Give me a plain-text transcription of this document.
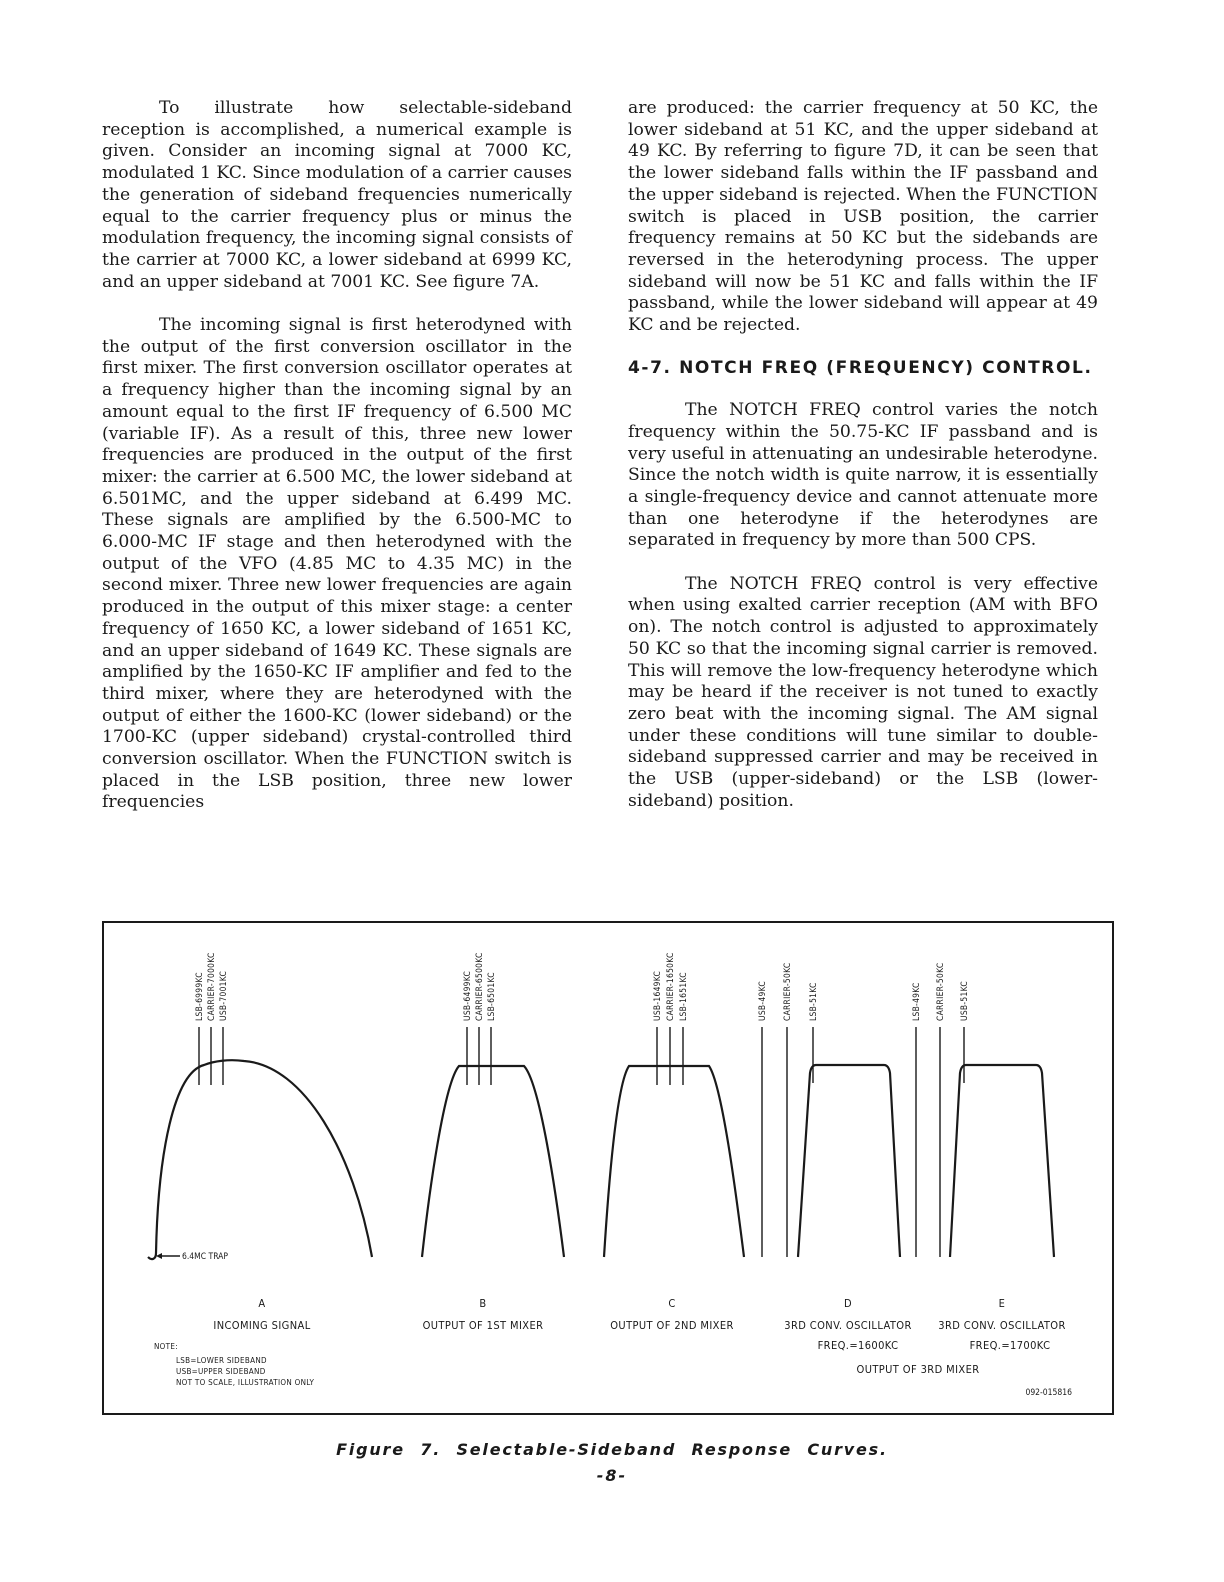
To illustrate how selectable-sideband reception is accomplished, a numerical example is given. Consider an incoming signal at 7000 KC, modulated 1 KC. Since modulation of a carrier causes the generation of sideband frequencies numerically equal to the carrier frequency plus or minus the modulation frequency, the incoming signal consists of the carrier at 7000 KC, a lower sideband at 6999 KC, and an upper sideband at 7001 KC. See figure 7A.

The incoming signal is first heterodyned with the output of the first conversion oscillator in the first mixer. The first conversion oscillator operates at a frequency higher than the incoming signal by an amount equal to the first IF frequency of 6.500 MC (variable IF). As a result of this, three new lower frequencies are produced in the output of the first mixer: the carrier at 6.500 MC, the lower sideband at 6.501MC, and the upper sideband at 6.499 MC. These signals are amplified by the 6.500-MC to 6.000-MC IF stage and then heterodyned with the output of the VFO (4.85 MC to 4.35 MC) in the second mixer. Three new lower frequencies are again produced in the output of this mixer stage: a center frequency of 1650 KC, a lower sideband of 1651 KC, and an upper sideband of 1649 KC. These signals are amplified by the 1650-KC IF amplifier and fed to the third mixer, where they are heterodyned with the output of either the 1600-KC (lower sideband) or the 1700-KC (upper sideband) crystal-controlled third conversion oscillator. When the FUNCTION switch is placed in the LSB position, three new lower frequencies

are produced: the carrier frequency at 50 KC, the lower sideband at 51 KC, and the upper sideband at 49 KC. By referring to figure 7D, it can be seen that the lower sideband falls within the IF passband and the upper sideband is rejected. When the FUNCTION switch is placed in USB position, the carrier frequency remains at 50 KC but the sidebands are reversed in the heterodyning process. The upper sideband will now be 51 KC and falls within the IF passband, while the lower sideband will appear at 49 KC and be rejected.

4-7. NOTCH FREQ (FREQUENCY) CONTROL.

The NOTCH FREQ control varies the notch frequency within the 50.75-KC IF passband and is very useful in attenuating an undesirable heterodyne. Since the notch width is quite narrow, it is essentially a single-frequency device and cannot attenuate more than one heterodyne if the heterodynes are separated in frequency by more than 500 CPS.

The NOTCH FREQ control is very effective when using exalted carrier reception (AM with BFO on). The notch control is adjusted to approximately 50 KC so that the incoming signal carrier is removed. This will remove the low-frequency heterodyne which may be heard if the receiver is not tuned to exactly zero beat with the incoming signal. The AM signal under these conditions will tune similar to double-sideband suppressed carrier and may be received in the USB (upper-sideband) or the LSB (lower-sideband) position.

LSB-6999KC CARRIER-7000KC USB-7001KC	USB-6499KC CARRIER-6500KC LSB-6501KC	USB-1649KC CARRIER-1650KC LSB-1651KC	USB-49KC CARRIER-50KC LSB-51KC	LSB-49KC CARRIER-50KC USB-51KC
6.4MC TRAP
A
INCOMING SIGNAL
B
OUTPUT OF 1ST MIXER
C
OUTPUT OF 2ND MIXER
D
3RD CONV. OSCILLATOR
FREQ.=1600KC
E
3RD CONV. OSCILLATOR
FREQ.=1700KC
OUTPUT OF 3RD MIXER
NOTE:
LSB=LOWER SIDEBAND
USB=UPPER SIDEBAND
NOT TO SCALE, ILLUSTRATION ONLY
092-015816
Figure 7. Selectable-Sideband Response Curves.
-8-
